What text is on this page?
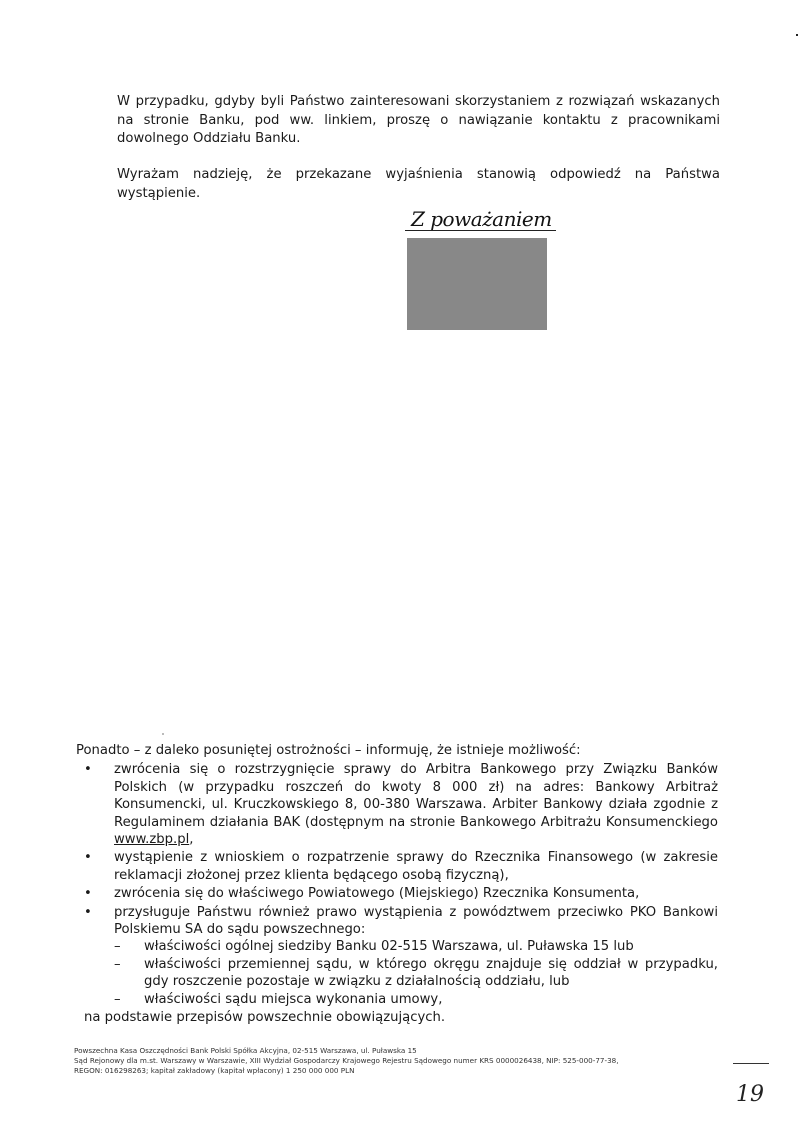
W przypadku, gdyby byli Państwo zainteresowani skorzystaniem z rozwiązań wskazanych na stronie Banku, pod ww. linkiem, proszę o nawiązanie kontaktu z pracownikami dowolnego Oddziału Banku.

Wyrażam nadzieję, że przekazane wyjaśnienia stanowią odpowiedź na Państwa wystąpienie.

Z poważaniem
Ponadto – z daleko posuniętej ostrożności – informuję, że istnieje możliwość:
• zwrócenia się o rozstrzygnięcie sprawy do Arbitra Bankowego przy Związku Banków Polskich (w przypadku roszczeń do kwoty 8 000 zł) na adres: Bankowy Arbitraż Konsumencki, ul. Kruczkowskiego 8, 00-380 Warszawa. Arbiter Bankowy działa zgodnie z Regulaminem działania BAK (dostępnym na stronie Bankowego Arbitrażu Konsumenckiego www.zbp.pl,
• wystąpienie z wnioskiem o rozpatrzenie sprawy do Rzecznika Finansowego (w zakresie reklamacji złożonej przez klienta będącego osobą fizyczną),
• zwrócenia się do właściwego Powiatowego (Miejskiego) Rzecznika Konsumenta,
• przysługuje Państwu również prawo wystąpienia z powództwem przeciwko PKO Bankowi Polskiemu SA do sądu powszechnego:
– właściwości ogólnej siedziby Banku 02-515 Warszawa, ul. Puławska 15 lub
– właściwości przemiennej sądu, w którego okręgu znajduje się oddział w przypadku, gdy roszczenie pozostaje w związku z działalnością oddziału, lub
– właściwości sądu miejsca wykonania umowy,
na podstawie przepisów powszechnie obowiązujących.
Powszechna Kasa Oszczędności Bank Polski Spółka Akcyjna, 02-515 Warszawa, ul. Puławska 15
Sąd Rejonowy dla m.st. Warszawy w Warszawie, XIII Wydział Gospodarczy Krajowego Rejestru Sądowego numer KRS 0000026438, NIP: 525-000-77-38,
REGON: 016298263; kapitał zakładowy (kapitał wpłacony) 1 250 000 000 PLN
19
